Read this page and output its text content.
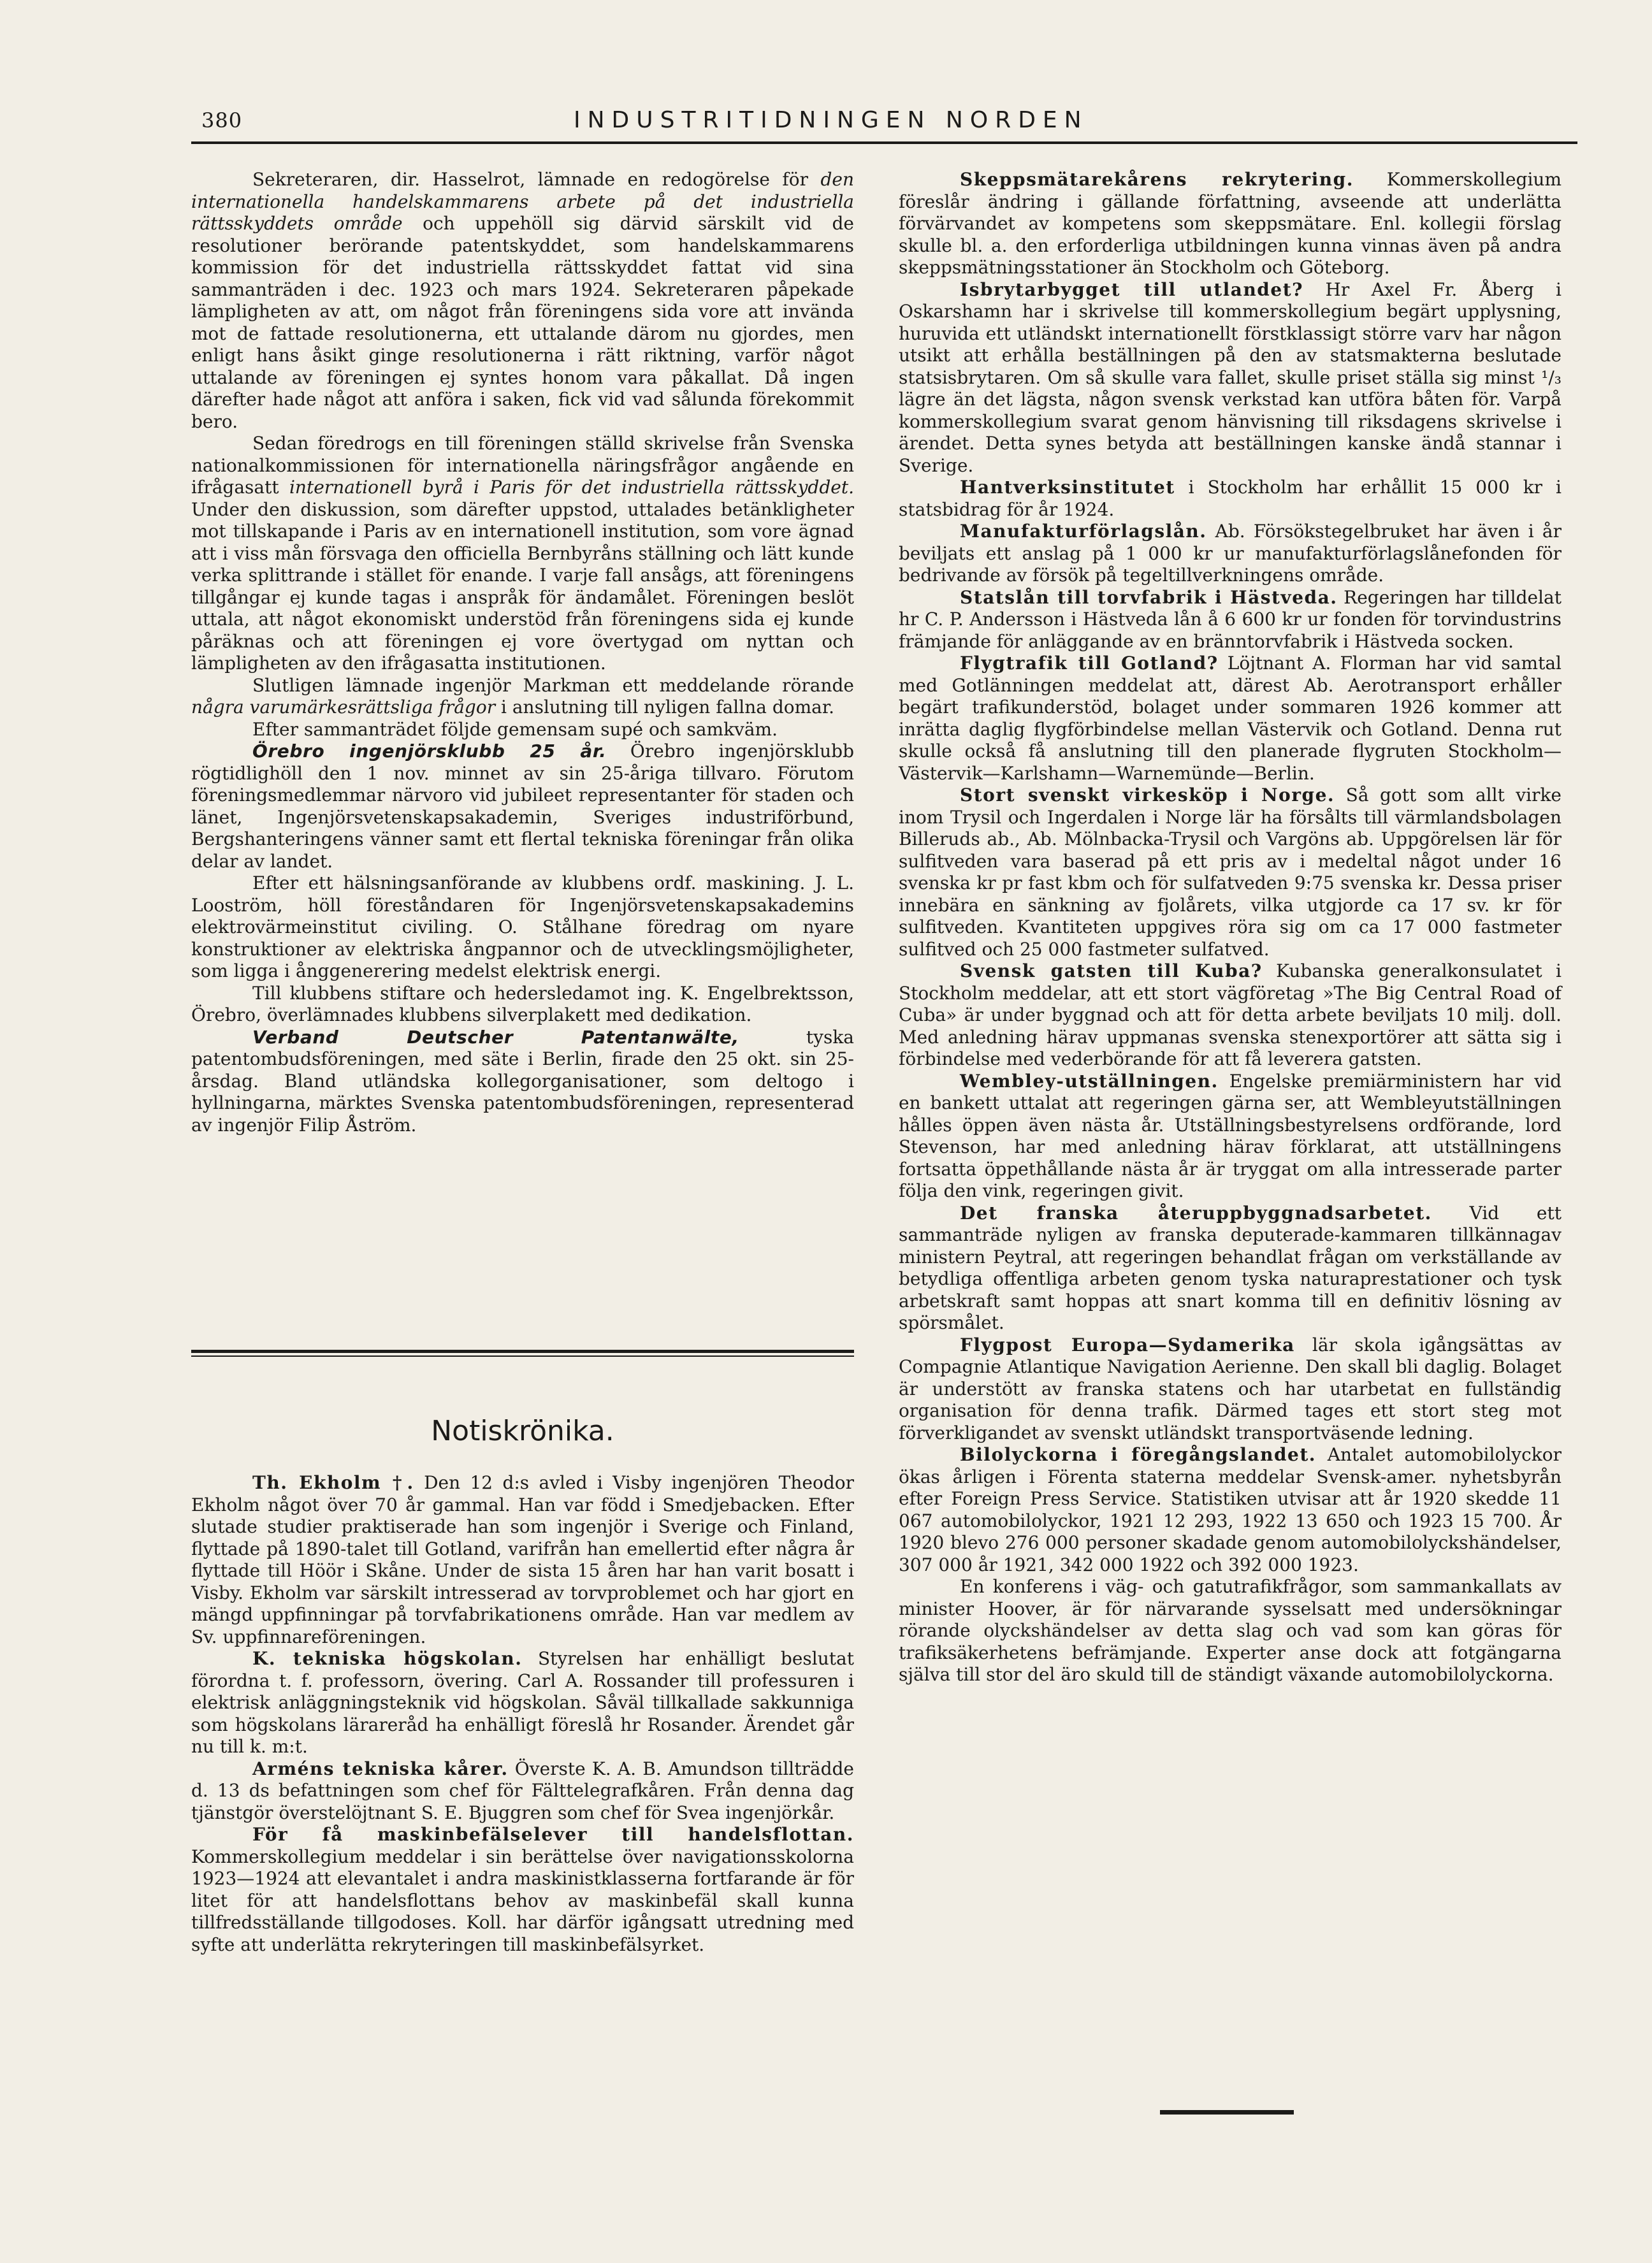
380	INDUSTRITIDNINGEN NORDEN

Sekreteraren, dir. Hasselrot, lämnade en redogörelse för den internationella handelskammarens arbete på det industriella rättsskyddets område och uppehöll sig därvid särskilt vid de resolutioner berörande patentskyddet, som handelskammarens kommission för det industriella rättsskyddet fattat vid sina sammanträden i dec. 1923 och mars 1924. Sekreteraren påpekade lämpligheten av att, om något från föreningens sida vore att invända mot de fattade resolutionerna, ett uttalande därom nu gjordes, men enligt hans åsikt ginge resolutionerna i rätt riktning, varför något uttalande av föreningen ej syntes honom vara påkallat. Då ingen därefter hade något att anföra i saken, fick vid vad sålunda förekommit bero.

Sedan föredrogs en till föreningen ställd skrivelse från Svenska nationalkommissionen för internationella näringsfrågor angående en ifrågasatt internationell byrå i Paris för det industriella rättsskyddet. Under den diskussion, som därefter uppstod, uttalades betänkligheter mot tillskapande i Paris av en internationell institution, som vore ägnad att i viss mån försvaga den officiella Bernbyråns ställning och lätt kunde verka splittrande i stället för enande. I varje fall ansågs, att föreningens tillgångar ej kunde tagas i anspråk för ändamålet. Föreningen beslöt uttala, att något ekonomiskt understöd från föreningens sida ej kunde påräknas och att föreningen ej vore övertygad om nyttan och lämpligheten av den ifrågasatta institutionen.

Slutligen lämnade ingenjör Markman ett meddelande rörande några varumärkesrättsliga frågor i anslutning till nyligen fallna domar.

Efter sammanträdet följde gemensam supé och samkväm.

Örebro ingenjörsklubb 25 år. Örebro ingenjörsklubb rögtidlighöll den 1 nov. minnet av sin 25-åriga tillvaro. Förutom föreningsmedlemmar närvoro vid jubileet representanter för staden och länet, Ingenjörsvetenskapsakademin, Sveriges industriförbund, Bergshanteringens vänner samt ett flertal tekniska föreningar från olika delar av landet.

Efter ett hälsningsanförande av klubbens ordf. maskining. J. L. Looström, höll föreståndaren för Ingenjörsvetenskapsakademins elektrovärmeinstitut civiling. O. Stålhane föredrag om nyare konstruktioner av elektriska ångpannor och de utvecklingsmöjligheter, som ligga i ånggenerering medelst elektrisk energi.

Till klubbens stiftare och hedersledamot ing. K. Engelbrektsson, Örebro, överlämnades klubbens silverplakett med dedikation.

Verband Deutscher Patentanwälte, tyska patentombudsföreningen, med säte i Berlin, firade den 25 okt. sin 25-årsdag. Bland utländska kollegorganisationer, som deltogo i hyllningarna, märktes Svenska patentombudsföreningen, representerad av ingenjör Filip Åström.

Notiskrönika.

Th. Ekholm †. Den 12 d:s avled i Visby ingenjören Theodor Ekholm något över 70 år gammal. Han var född i Smedjebacken. Efter slutade studier praktiserade han som ingenjör i Sverige och Finland, flyttade på 1890-talet till Gotland, varifrån han emellertid efter några år flyttade till Höör i Skåne. Under de sista 15 åren har han varit bosatt i Visby. Ekholm var särskilt intresserad av torvproblemet och har gjort en mängd uppfinningar på torvfabrikationens område. Han var medlem av Sv. uppfinnareföreningen.

K. tekniska högskolan. Styrelsen har enhälligt beslutat förordna t. f. professorn, övering. Carl A. Rossander till professuren i elektrisk anläggningsteknik vid högskolan. Såväl tillkallade sakkunniga som högskolans lärareråd ha enhälligt föreslå hr Rosander. Ärendet går nu till k. m:t.

Arméns tekniska kårer. Överste K. A. B. Amundson tillträdde d. 13 ds befattningen som chef för Fälttelegrafkåren. Från denna dag tjänstgör överstelöjtnant S. E. Bjuggren som chef för Svea ingenjörkår.

För få maskinbefälselever till handelsflottan. Kommerskollegium meddelar i sin berättelse över navigationsskolorna 1923—1924 att elevantalet i andra maskinistklasserna fortfarande är för litet för att handelsflottans behov av maskinbefäl skall kunna tillfredsställande tillgodoses. Koll. har därför igångsatt utredning med syfte att underlätta rekryteringen till maskinbefälsyrket.

Skeppsmätarekårens rekrytering. Kommerskollegium föreslår ändring i gällande författning, avseende att underlätta förvärvandet av kompetens som skeppsmätare. Enl. kollegii förslag skulle bl. a. den erforderliga utbildningen kunna vinnas även på andra skeppsmätningsstationer än Stockholm och Göteborg.

Isbrytarbygget till utlandet? Hr Axel Fr. Åberg i Oskarshamn har i skrivelse till kommerskollegium begärt upplysning, huruvida ett utländskt internationellt förstklassigt större varv har någon utsikt att erhålla beställningen på den av statsmakterna beslutade statsisbrytaren. Om så skulle vara fallet, skulle priset ställa sig minst ¹/₃ lägre än det lägsta, någon svensk verkstad kan utföra båten för. Varpå kommerskollegium svarat genom hänvisning till riksdagens skrivelse i ärendet. Detta synes betyda att beställningen kanske ändå stannar i Sverige.

Hantverksinstitutet i Stockholm har erhållit 15 000 kr i statsbidrag för år 1924.

Manufakturförlagslån. Ab. Försökstegelbruket har även i år beviljats ett anslag på 1 000 kr ur manufakturförlagslånefonden för bedrivande av försök på tegeltillverkningens område.

Statslån till torvfabrik i Hästveda. Regeringen har tilldelat hr C. P. Andersson i Hästveda lån å 6 600 kr ur fonden för torvindustrins främjande för anläggande av en bränntorvfabrik i Hästveda socken.

Flygtrafik till Gotland? Löjtnant A. Florman har vid samtal med Gotlänningen meddelat att, därest Ab. Aerotransport erhåller begärt trafikunderstöd, bolaget under sommaren 1926 kommer att inrätta daglig flygförbindelse mellan Västervik och Gotland. Denna rut skulle också få anslutning till den planerade flygruten Stockholm—Västervik—Karlshamn—Warnemünde—Berlin.

Stort svenskt virkesköp i Norge. Så gott som allt virke inom Trysil och Ingerdalen i Norge lär ha försålts till värmlandsbolagen Billeruds ab., Ab. Mölnbacka-Trysil och Vargöns ab. Uppgörelsen lär för sulfitveden vara baserad på ett pris av i medeltal något under 16 svenska kr pr fast kbm och för sulfatveden 9:75 svenska kr. Dessa priser innebära en sänkning av fjolårets, vilka utgjorde ca 17 sv. kr för sulfitveden. Kvantiteten uppgives röra sig om ca 17 000 fastmeter sulfitved och 25 000 fastmeter sulfatved.

Svensk gatsten till Kuba? Kubanska generalkonsulatet i Stockholm meddelar, att ett stort vägföretag »The Big Central Road of Cuba» är under byggnad och att för detta arbete beviljats 10 milj. doll. Med anledning härav uppmanas svenska stenexportörer att sätta sig i förbindelse med vederbörande för att få leverera gatsten.

Wembley-utställningen. Engelske premiärministern har vid en bankett uttalat att regeringen gärna ser, att Wembleyutställningen hålles öppen även nästa år. Utställningsbestyrelsens ordförande, lord Stevenson, har med anledning härav förklarat, att utställningens fortsatta öppethållande nästa år är tryggat om alla intresserade parter följa den vink, regeringen givit.

Det franska återuppbyggnadsarbetet. Vid ett sammanträde nyligen av franska deputerade-kammaren tillkännagav ministern Peytral, att regeringen behandlat frågan om verkställande av betydliga offentliga arbeten genom tyska naturaprestationer och tysk arbetskraft samt hoppas att snart komma till en definitiv lösning av spörsmålet.

Flygpost Europa—Sydamerika lär skola igångsättas av Compagnie Atlantique Navigation Aerienne. Den skall bli daglig. Bolaget är understött av franska statens och har utarbetat en fullständig organisation för denna trafik. Därmed tages ett stort steg mot förverkligandet av svenskt utländskt transportväsende ledning.

Bilolyckorna i föregångslandet. Antalet automobilolyckor ökas årligen i Förenta staterna meddelar Svensk-amer. nyhetsbyrån efter Foreign Press Service. Statistiken utvisar att år 1920 skedde 11 067 automobilolyckor, 1921 12 293, 1922 13 650 och 1923 15 700. År 1920 blevo 276 000 personer skadade genom automobilolyckshändelser, 307 000 år 1921, 342 000 1922 och 392 000 1923.

En konferens i väg- och gatutrafikfrågor, som sammankallats av minister Hoover, är för närvarande sysselsatt med undersökningar rörande olyckshändelser av detta slag och vad som kan göras för trafiksäkerhetens befrämjande. Experter anse dock att fotgängarna själva till stor del äro skuld till de ständigt växande automobilolyckorna.
